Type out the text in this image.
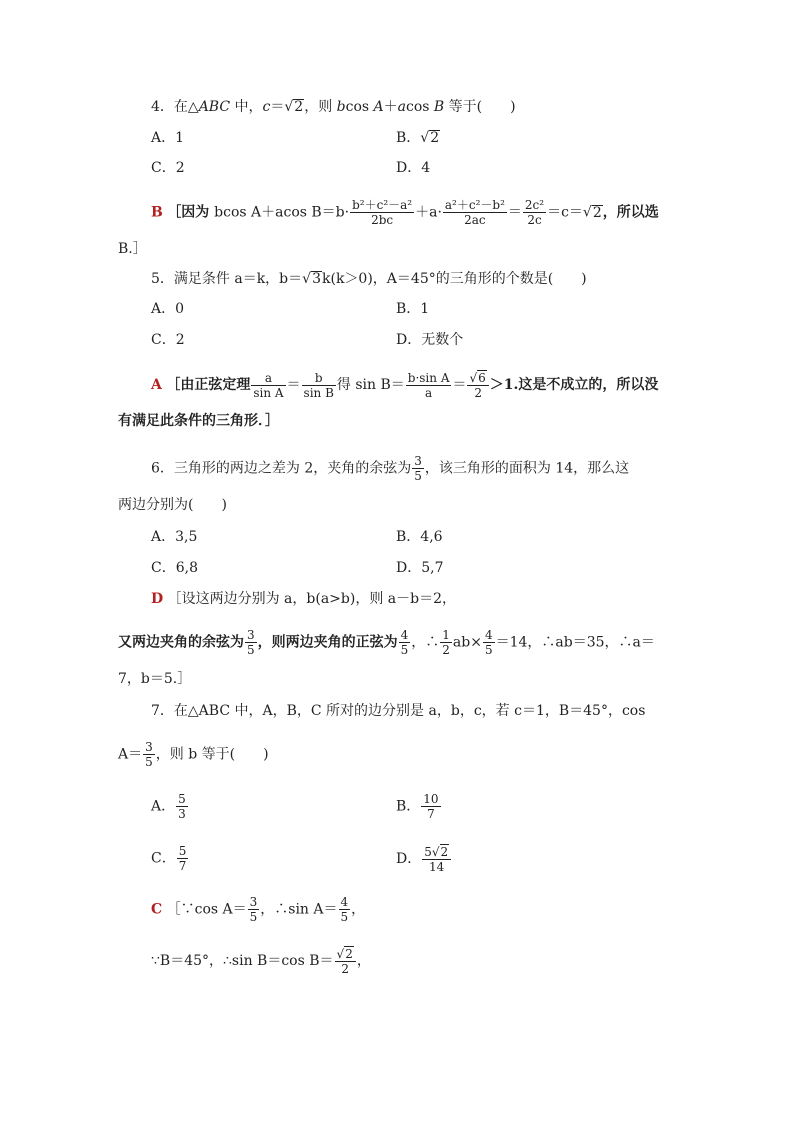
4．在△ABC 中，c＝√2，则 bcos A＋acos B 等于(　　)
A．1	B．√2
C．2	D．4
B ［因为 bcos A＋acos $B=b\cdot \frac{\text{b²＋c²－a²}}{2bc} +a\cdot \frac{\text{a²＋c²－b²}}{2ac} = \frac{\text{2c²}}{2c} =c=√2$，所以选
B.］
5．满足条件 a＝k，b＝√3k(k＞0)，A＝45°的三角形的个数是(　　)
A．0	B．1
C．2	D．无数个
A ［由正弦定理 $\frac{a}{\text{sin A}} = \frac{b}{\text{sin B}}$ 得 $\sin B= \frac{\text{b·sin A}}{a} = \frac{√6}{2} >1$.这是不成立的，所以没
有满足此条件的三角形．］
6．三角形的两边之差为 2，夹角的余弦为 $\frac{3}{5}$ ，该三角形的面积为 14，那么这
两边分别为(　　)
A．3,5	B．4,6
C．6,8	D．5,7
D ［设这两边分别为 a，b(a>b)，则 a－b＝2，
又两边夹角的余弦为 $\frac{3}{5}$ ，则两边夹角的正弦为 $\frac{4}{5}$ ，∴ $\frac{1}{2} ab\times \frac{4}{5} =14$，∴ab＝35，∴a＝
7，b＝5.］
7．在△ABC 中，A，B，C 所对的边分别是 a，b，c，若 c＝1，B＝45°，cos
$A= \frac{3}{5}$ ，则 b 等于(　　)
A． $\frac{5}{3}$	B． $\frac{10}{7}$
C． $\frac{5}{7}$	D． $\frac{5√2}{14}$
C ［∵cos $A= \frac{3}{5}$ ，∴sin $A= \frac{4}{5}$ ，
∵B＝45°，∴sin B＝cos $B= \frac{√2}{2}$ ，
